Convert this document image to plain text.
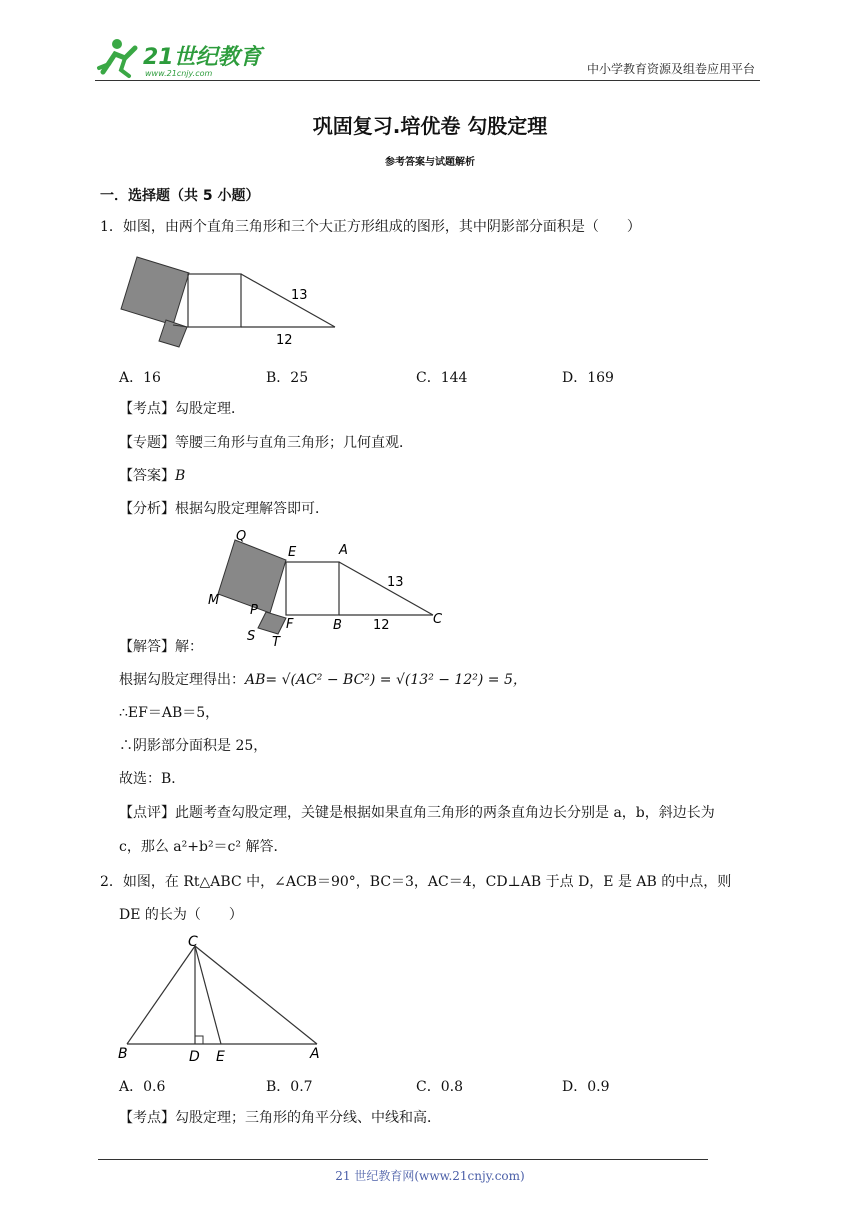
21世纪教育
www.21cnjy.com	中小学教育资源及组卷应用平台
巩固复习.培优卷 勾股定理
参考答案与试题解析
一．选择题（共 5 小题）
1．如图，由两个直角三角形和三个大正方形组成的图形，其中阴影部分面积是（　　）
13
12
A．16	B．25	C．144	D．169
【考点】勾股定理．
【专题】等腰三角形与直角三角形；几何直观．
【答案】B
【分析】根据勾股定理解答即可．
Q
E	A
M
P
F	B	C
S T
13
12
【解答】解：
根据勾股定理得出：AB= √(AC² − BC²) = √(13² − 12²) = 5，
∴EF＝AB＝5，
∴阴影部分面积是 25，
故选：B．
【点评】此题考查勾股定理，关键是根据如果直角三角形的两条直角边长分别是 a，b，斜边长为
c，那么 a²+b²＝c² 解答．
2．如图，在 Rt△ABC 中，∠ACB＝90°，BC＝3，AC＝4，CD⊥AB 于点 D，E 是 AB 的中点，则
DE 的长为（　　）
C
B	D E	A
A．0.6	B．0.7	C．0.8	D．0.9
【考点】勾股定理；三角形的角平分线、中线和高．
21 世纪教育网(www.21cnjy.com)
